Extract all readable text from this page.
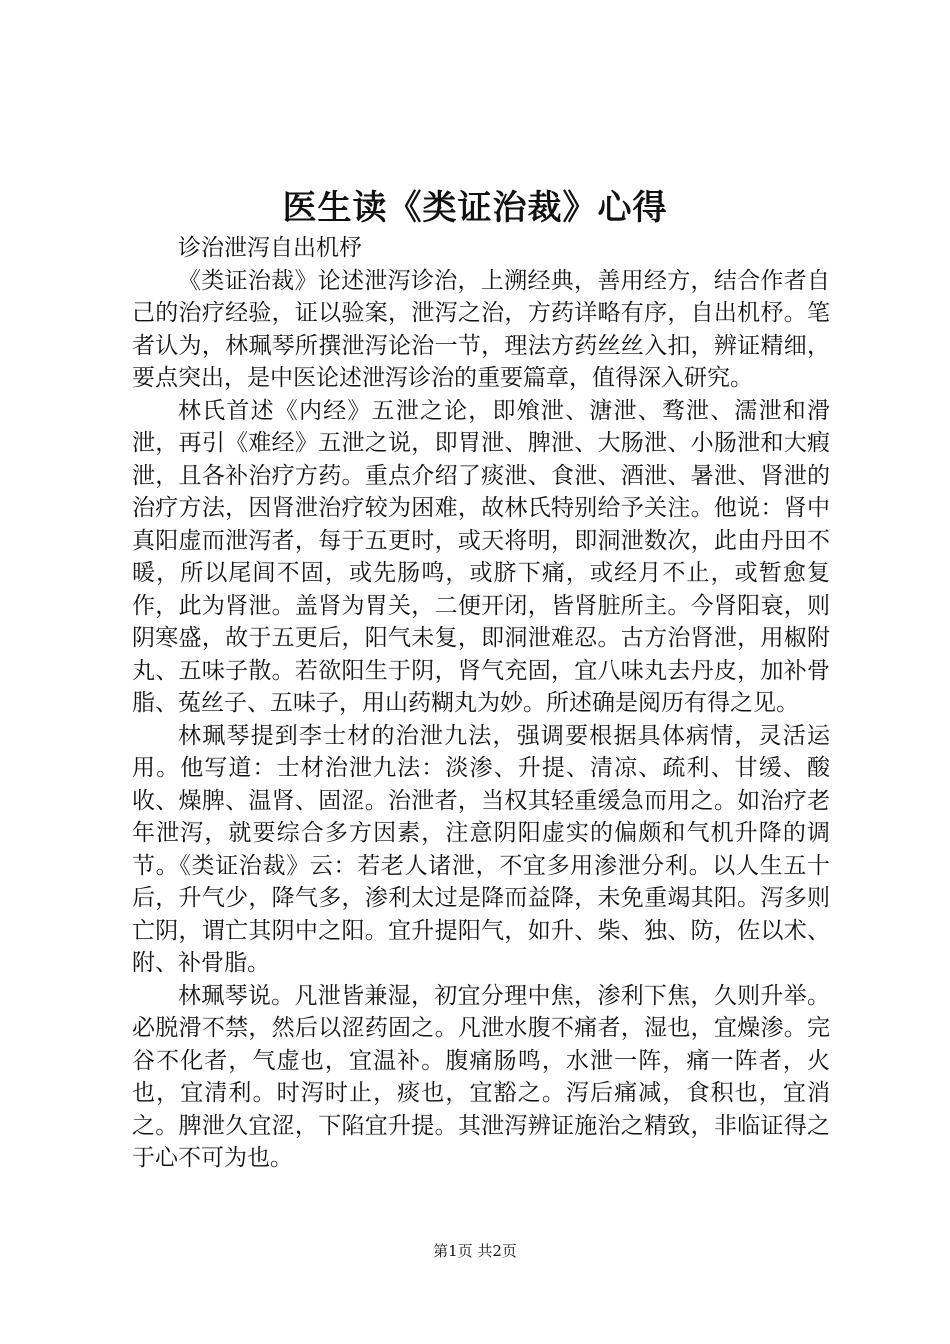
医生读《类证治裁》心得

诊治泄泻自出机杼

《类证治裁》论述泄泻诊治，上溯经典，善用经方，结合作者自己的治疗经验，证以验案，泄泻之治，方药详略有序，自出机杼。笔者认为，林珮琴所撰泄泻论治一节，理法方药丝丝入扣，辨证精细，要点突出，是中医论述泄泻诊治的重要篇章，值得深入研究。

林氏首述《内经》五泄之论，即飧泄、溏泄、骛泄、濡泄和滑泄，再引《难经》五泄之说，即胃泄、脾泄、大肠泄、小肠泄和大瘕泄，且各补治疗方药。重点介绍了痰泄、食泄、酒泄、暑泄、肾泄的治疗方法，因肾泄治疗较为困难，故林氏特别给予关注。他说：肾中真阳虚而泄泻者，每于五更时，或天将明，即洞泄数次，此由丹田不暖，所以尾闾不固，或先肠鸣，或脐下痛，或经月不止，或暂愈复作，此为肾泄。盖肾为胃关，二便开闭，皆肾脏所主。今肾阳衰，则阴寒盛，故于五更后，阳气未复，即洞泄难忍。古方治肾泄，用椒附丸、五味子散。若欲阳生于阴，肾气充固，宜八味丸去丹皮，加补骨脂、菟丝子、五味子，用山药糊丸为妙。所述确是阅历有得之见。

林珮琴提到李士材的治泄九法，强调要根据具体病情，灵活运用。他写道：士材治泄九法：淡渗、升提、清凉、疏利、甘缓、酸收、燥脾、温肾、固涩。治泄者，当权其轻重缓急而用之。如治疗老年泄泻，就要综合多方因素，注意阴阳虚实的偏颇和气机升降的调节。《类证治裁》云：若老人诸泄，不宜多用渗泄分利。以人生五十后，升气少，降气多，渗利太过是降而益降，未免重竭其阳。泻多则亡阴，谓亡其阴中之阳。宜升提阳气，如升、柴、独、防，佐以术、附、补骨脂。

林珮琴说。凡泄皆兼湿，初宜分理中焦，渗利下焦，久则升举。必脱滑不禁，然后以涩药固之。凡泄水腹不痛者，湿也，宜燥渗。完谷不化者，气虚也，宜温补。腹痛肠鸣，水泄一阵，痛一阵者，火也，宜清利。时泻时止，痰也，宜豁之。泻后痛减，食积也，宜消之。脾泄久宜涩，下陷宜升提。其泄泻辨证施治之精致，非临证得之于心不可为也。

第1页 共2页
